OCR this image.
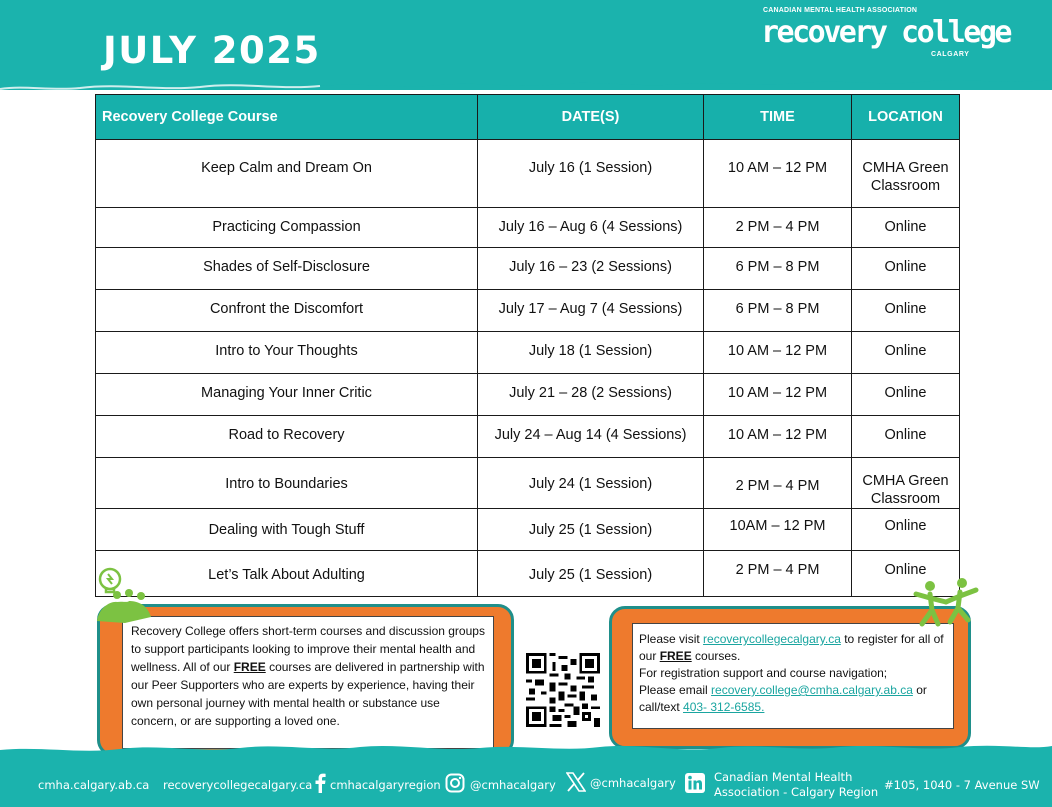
JULY 2025
CANADIAN MENTAL HEALTH ASSOCIATION
recovery college
CALGARY
Recovery College Course	DATE(S)	TIME	LOCATION
Keep Calm and Dream On	July 16 (1 Session)	10 AM – 12 PM	CMHA Green Classroom
Practicing Compassion	July 16 – Aug 6 (4 Sessions)	2 PM – 4 PM	Online
Shades of Self-Disclosure	July 16 – 23 (2 Sessions)	6 PM – 8 PM	Online
Confront the Discomfort	July 17 – Aug 7 (4 Sessions)	6 PM – 8 PM	Online
Intro to Your Thoughts	July 18 (1 Session)	10 AM – 12 PM	Online
Managing Your Inner Critic	July 21 – 28 (2 Sessions)	10 AM – 12 PM	Online
Road to Recovery	July 24 – Aug 14 (4 Sessions)	10 AM – 12 PM	Online
Intro to Boundaries	July 24 (1 Session)	2 PM – 4 PM	CMHA Green Classroom
Dealing with Tough Stuff	July 25 (1 Session)	10AM – 12 PM	Online
Let’s Talk About Adulting	July 25 (1 Session)	2 PM – 4 PM	Online
Recovery College offers short-term courses and discussion groups to support participants looking to improve their mental health and wellness. All of our FREE courses are delivered in partnership with our Peer Supporters who are experts by experience, having their own personal journey with mental health or substance use concern, or are supporting a loved one.
Please visit recoverycollegecalgary.ca to register for all of our FREE courses.
For registration support and course navigation;
Please email recovery.college@cmha.calgary.ab.ca or call/text 403- 312-6585.
cmha.calgary.ab.ca recoverycollegecalgary.ca cmhacalgaryregion	@cmhacalgary	@cmhacalgary	Canadian Mental Health
Association - Calgary Region #105, 1040 - 7 Avenue SW
